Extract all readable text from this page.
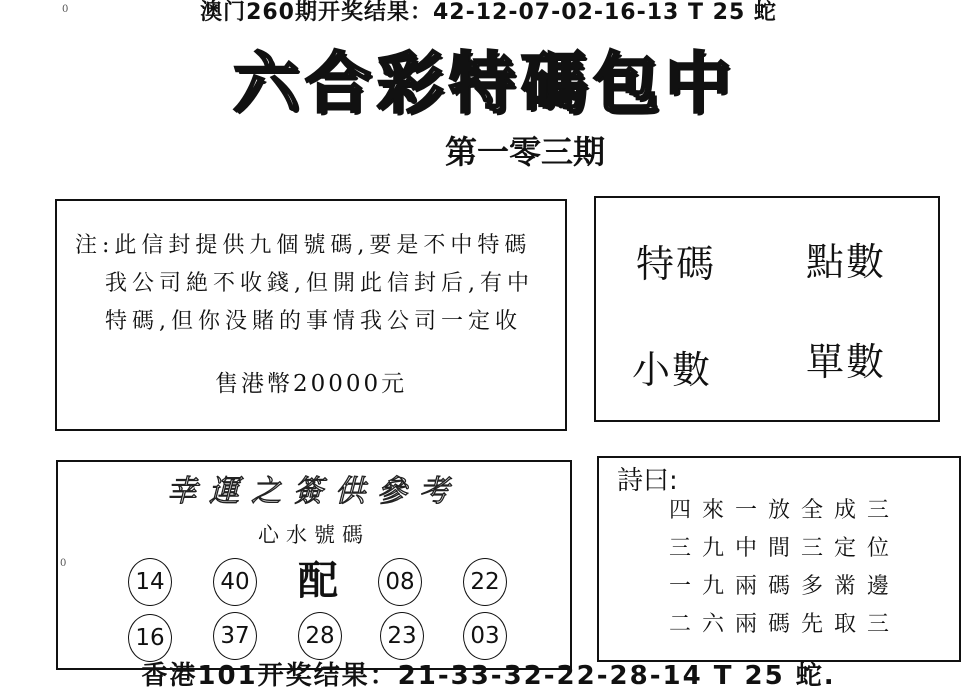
0
0
澳门260期开奖结果：42-12-07-02-16-13 T 25 蛇
六合彩特碼包中
第一零三期
注:此信封提供九個號碼,要是不中特碼
我公司絶不收錢,但開此信封后,有中
特碼,但你没賭的事情我公司一定收
售港幣20000元
特碼 點數
小數 單數
幸運之簽供參考
心水號碼
14	40 配	08	22
16	37	28	23	03
詩曰:
四來一放全成三
三九中間三定位
一九兩碼多黹邊
二六兩碼先取三
香港101开奖结果：21-33-32-22-28-14 T 25 蛇.
